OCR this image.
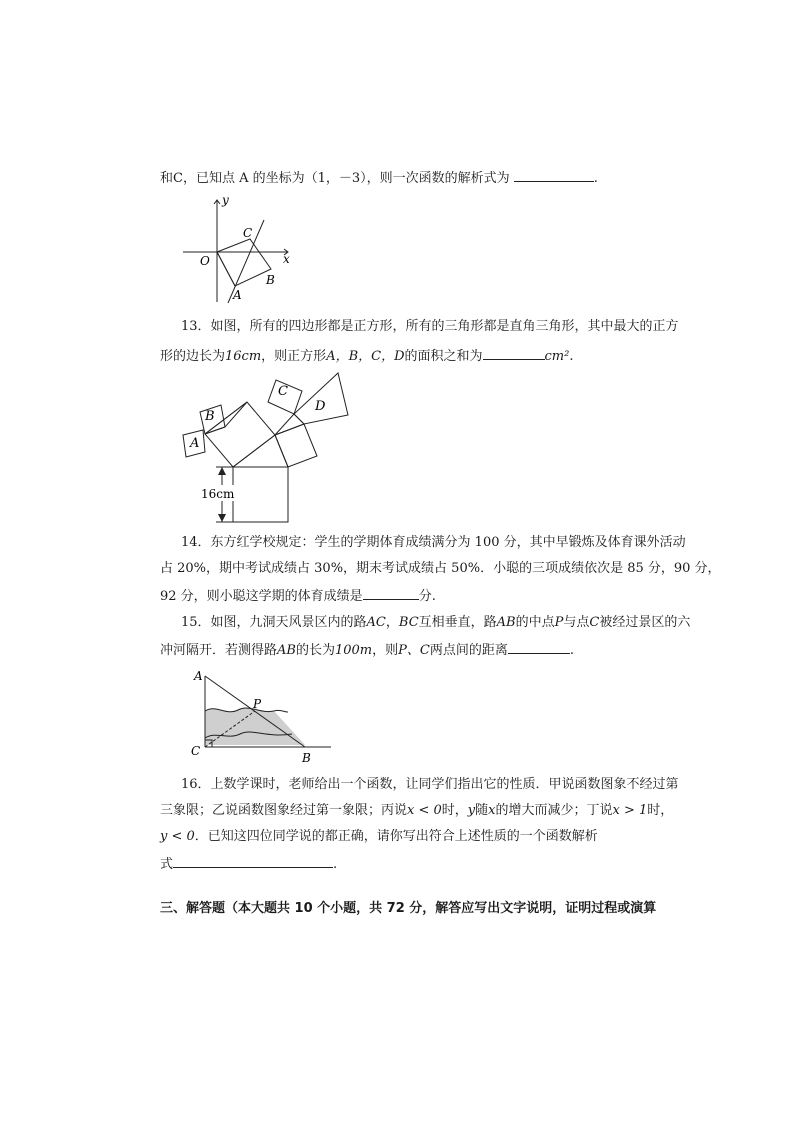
和C，已知点 A 的坐标为（1，－3），则一次函数的解析式为	.
O
y
x
C
B
A
13．如图，所有的四边形都是正方形，所有的三角形都是直角三角形，其中最大的正方
形的边长为16cm，则正方形A，B，C，D的面积之和为	cm².
16cm
B
A
C
D
14．东方红学校规定：学生的学期体育成绩满分为 100 分，其中早锻炼及体育课外活动
占 20%，期中考试成绩占 30%，期末考试成绩占 50%．小聪的三项成绩依次是 85 分，90 分，
92 分，则小聪这学期的体育成绩是	分.
15．如图，九洞天风景区内的路AC，BC互相垂直，路AB的中点P与点C被经过景区的六
冲河隔开．若测得路AB的长为100m，则P、C两点间的距离	.
A
P
C	B
16．上数学课时，老师给出一个函数，让同学们指出它的性质．甲说函数图象不经过第
三象限；乙说函数图象经过第一象限；丙说x < 0时，y随x的增大而减少；丁说x > 1时，
y < 0．已知这四位同学说的都正确，请你写出符合上述性质的一个函数解析
式	.
三、解答题（本大题共 10 个小题，共 72 分，解答应写出文字说明，证明过程或演算
